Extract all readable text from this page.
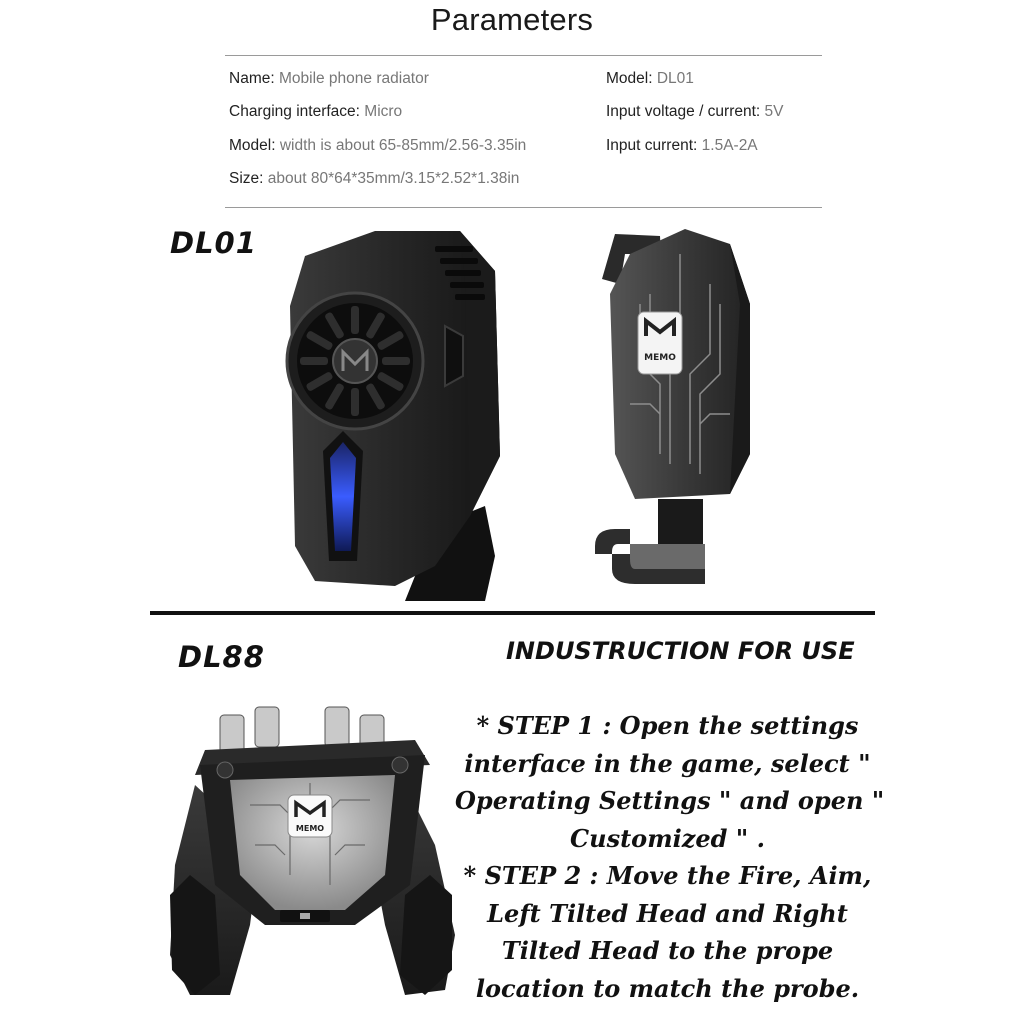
Parameters
Name: Mobile phone radiator
Charging interface: Micro
Model: width is about 65-85mm/2.56-3.35in
Size: about 80*64*35mm/3.15*2.52*1.38in
Model: DL01
Input voltage / current: 5V
Input current: 1.5A-2A
DL01
MEMO
DL88
MEMO
INDUSTRUCTION FOR USE
* STEP 1 : Open the settings
interface in the game, select "
Operating Settings " and open "
Customized " .
* STEP 2 : Move the Fire, Aim,
Left Tilted Head and Right
Tilted Head to the prope
location to match the probe.
